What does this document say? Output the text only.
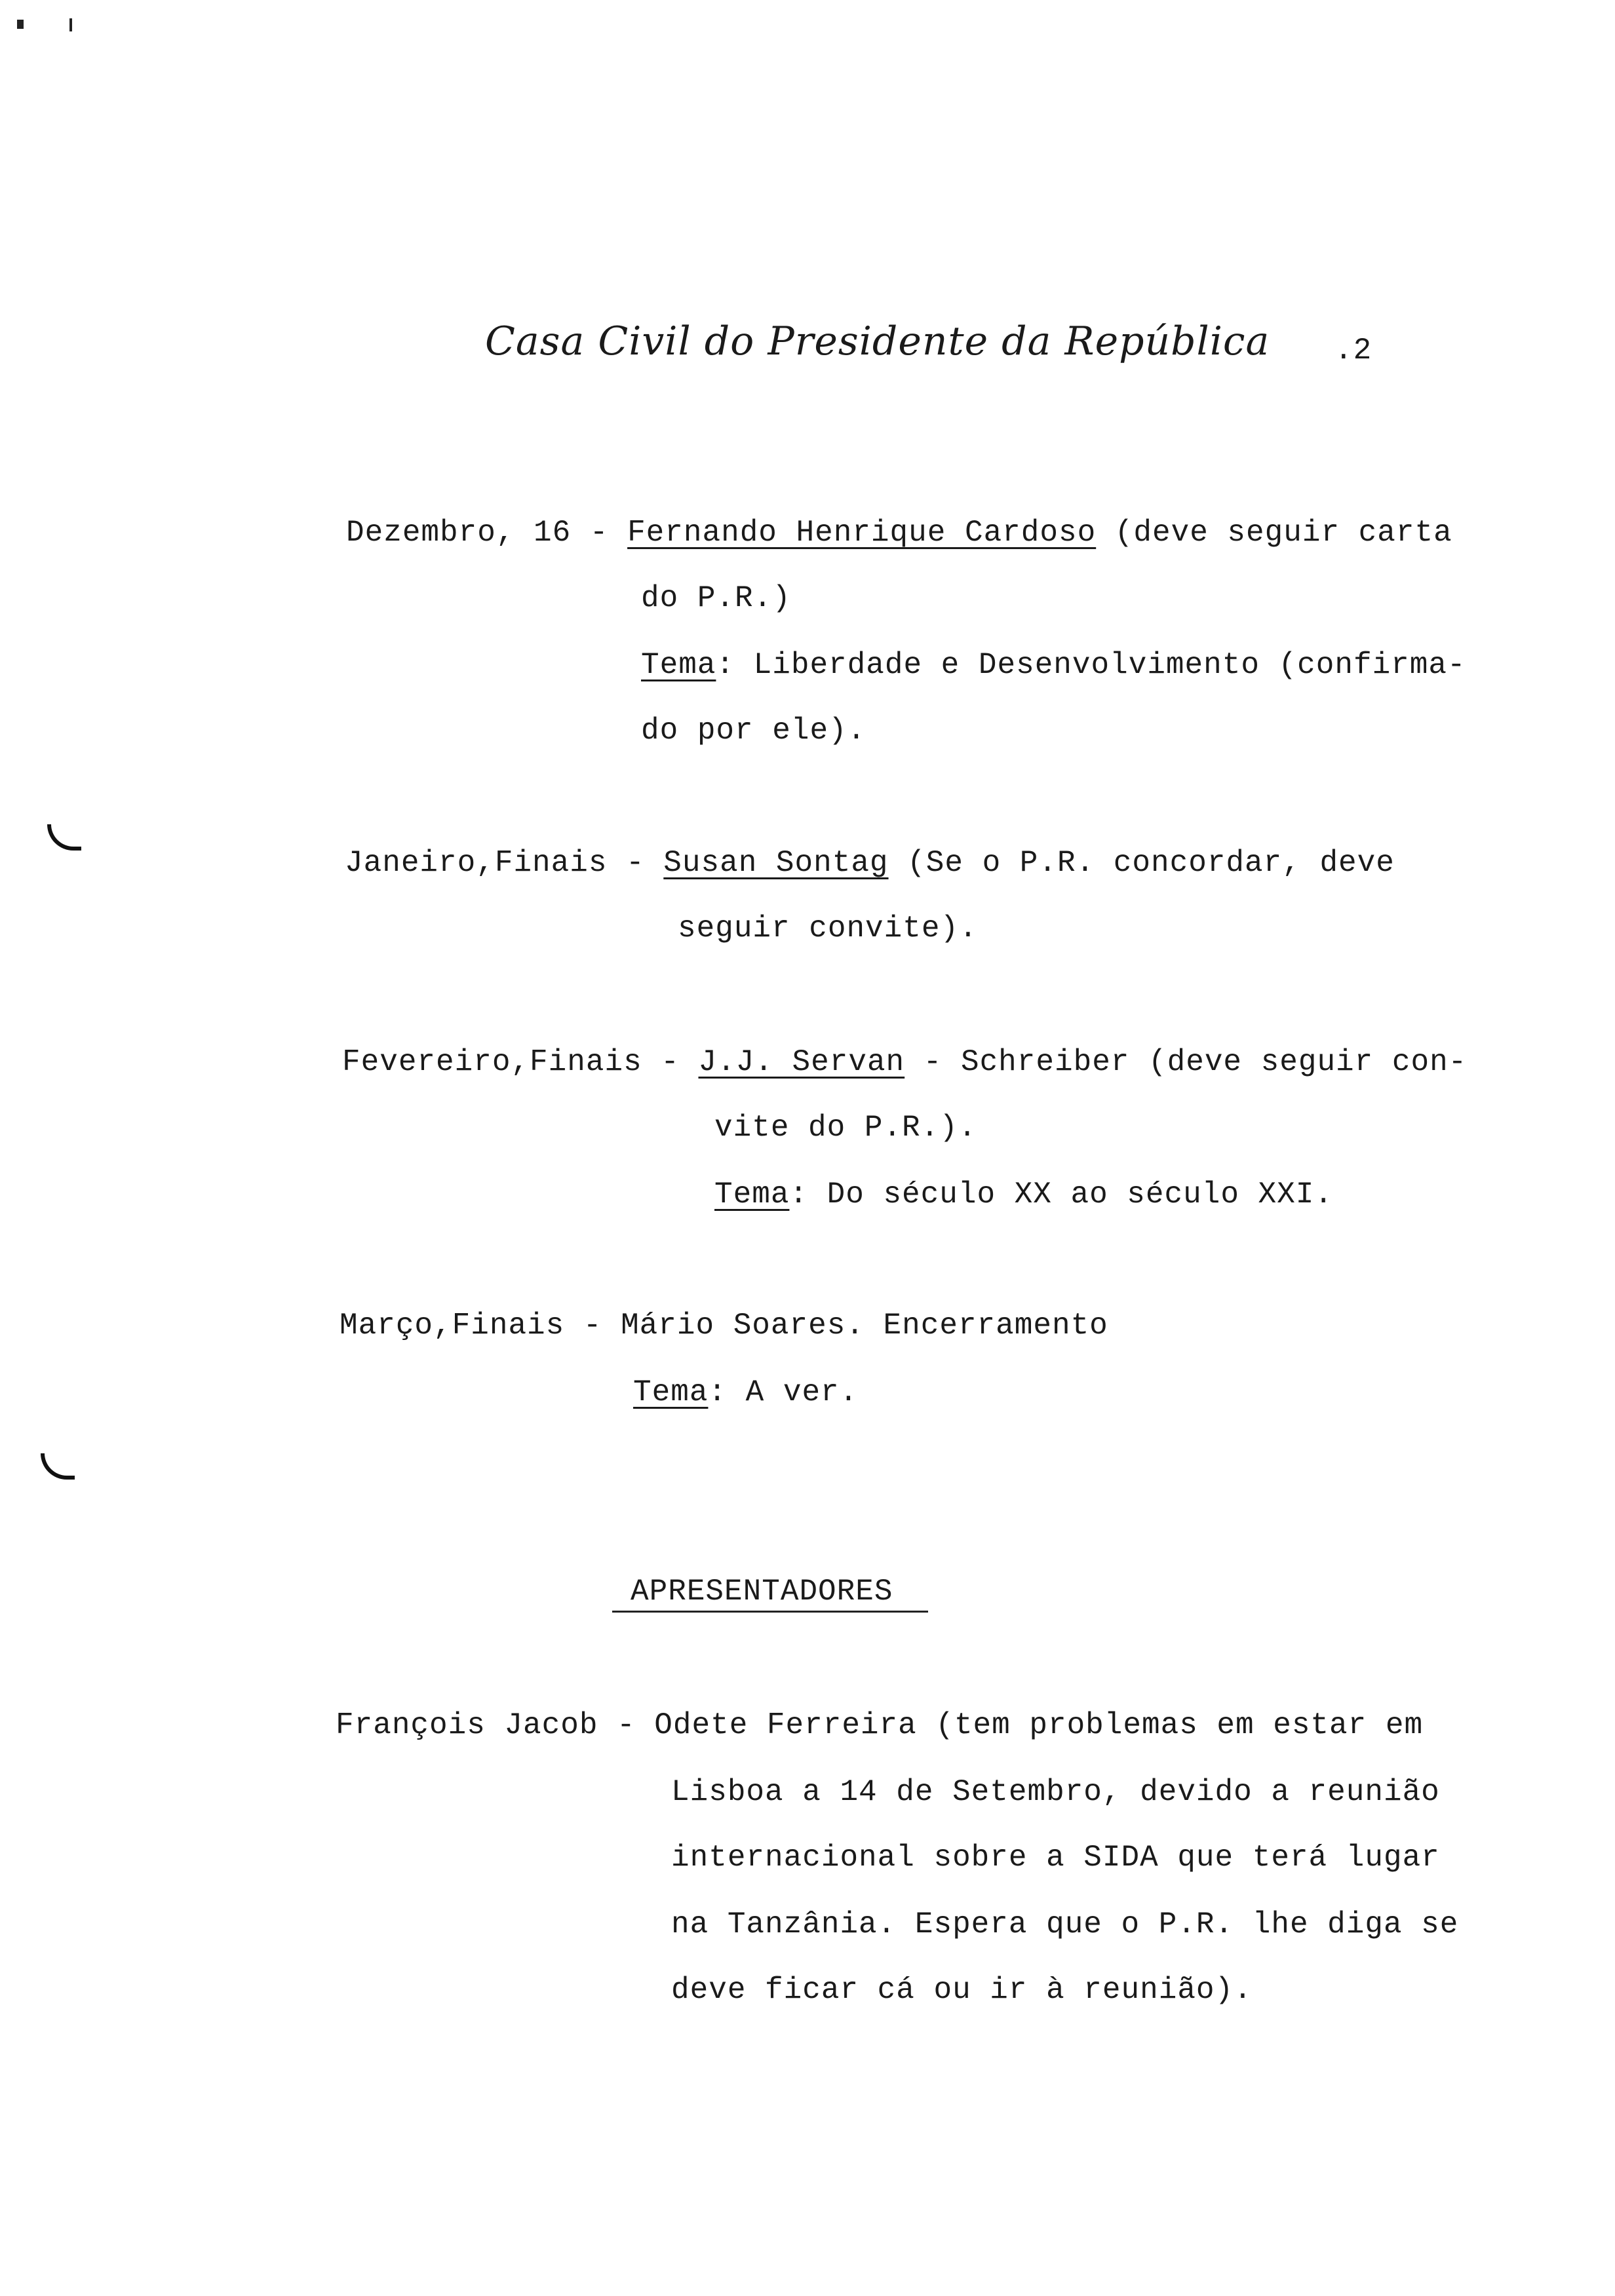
Casa Civil do Presidente da República .2
Dezembro, 16 - Fernando Henrique Cardoso (deve seguir carta
do P.R.)
Tema: Liberdade e Desenvolvimento (confirma-
do por ele).
Janeiro,Finais - Susan Sontag (Se o P.R. concordar, deve
seguir convite).
Fevereiro,Finais - J.J. Servan - Schreiber (deve seguir con-
vite do P.R.).
Tema: Do século XX ao século XXI.
Março,Finais - Mário Soares. Encerramento
Tema: A ver.
APRESENTADORES
François Jacob - Odete Ferreira (tem problemas em estar em
Lisboa a 14 de Setembro, devido a reunião
internacional sobre a SIDA que terá lugar
na Tanzânia. Espera que o P.R. lhe diga se
deve ficar cá ou ir à reunião).
